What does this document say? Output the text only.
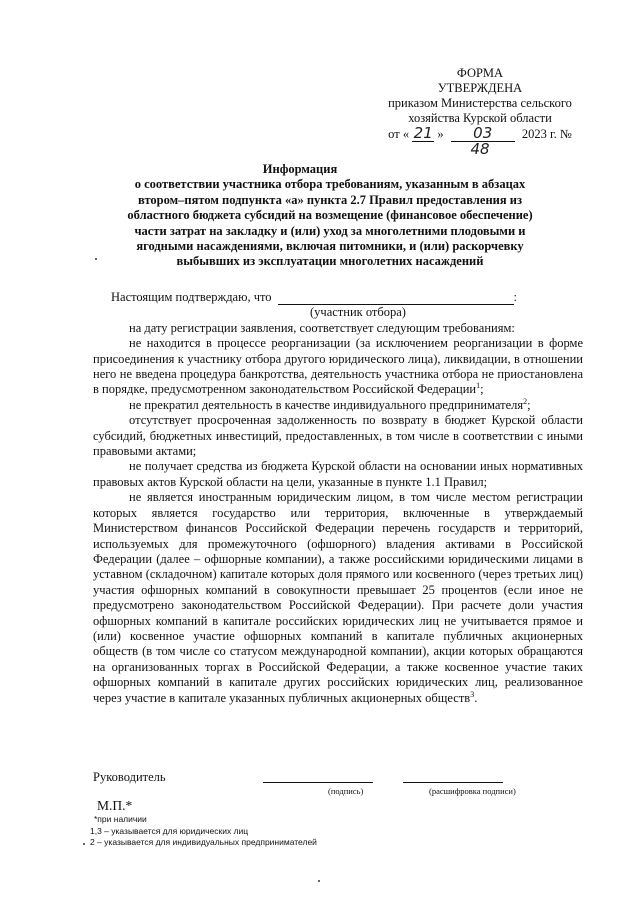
ФОРМА
УТВЕРЖДЕНА
приказом Министерства сельского
хозяйства Курской области
от « 21 » 03 2023 г. № 48
Информация
о соответствии участника отбора требованиям, указанным в абзацах
втором–пятом подпункта «а» пункта 2.7 Правил предоставления из
областного бюджета субсидий на возмещение (финансовое обеспечение)
части затрат на закладку и (или) уход за многолетними плодовыми и
ягодными насаждениями, включая питомники, и (или) раскорчевку
выбывших из эксплуатации многолетних насаждений
Настоящим подтверждаю, что	:
(участник отбора)

на дату регистрации заявления, соответствует следующим требованиям:

не находится в процессе реорганизации (за исключением реорганизации в форме присоединения к участнику отбора другого юридического лица), ликвидации, в отношении него не введена процедура банкротства, деятельность участника отбора не приостановлена в порядке, предусмотренном законодательством Российской Федерации$^1$;

не прекратил деятельность в качестве индивидуального предпринимателя$^2$;

отсутствует просроченная задолженность по возврату в бюджет Курской области субсидий, бюджетных инвестиций, предоставленных, в том числе в соответствии с иными правовыми актами;

не получает средства из бюджета Курской области на основании иных нормативных правовых актов Курской области на цели, указанные в пункте 1.1 Правил;

не является иностранным юридическим лицом, в том числе местом регистрации которых является государство или территория, включенные в утверждаемый Министерством финансов Российской Федерации перечень государств и территорий, используемых для промежуточного (офшорного) владения активами в Российской Федерации (далее – офшорные компании), а также российскими юридическими лицами в уставном (складочном) капитале которых доля прямого или косвенного (через третьих лиц) участия офшорных компаний в совокупности превышает 25 процентов (если иное не предусмотрено законодательством Российской Федерации). При расчете доли участия офшорных компаний в капитале российских юридических лиц не учитывается прямое и (или) косвенное участие офшорных компаний в капитале публичных акционерных обществ (в том числе со статусом международной компании), акции которых обращаются на организованных торгах в Российской Федерации, а также косвенное участие таких офшорных компаний в капитале других российских юридических лиц, реализованное через участие в капитале указанных публичных акционерных обществ$^3$.

Руководитель
(подпись)	(расшифровка подписи)
М.П.*
*при наличии
1,3 – указывается для юридических лиц
2 – указывается для индивидуальных предпринимателей
